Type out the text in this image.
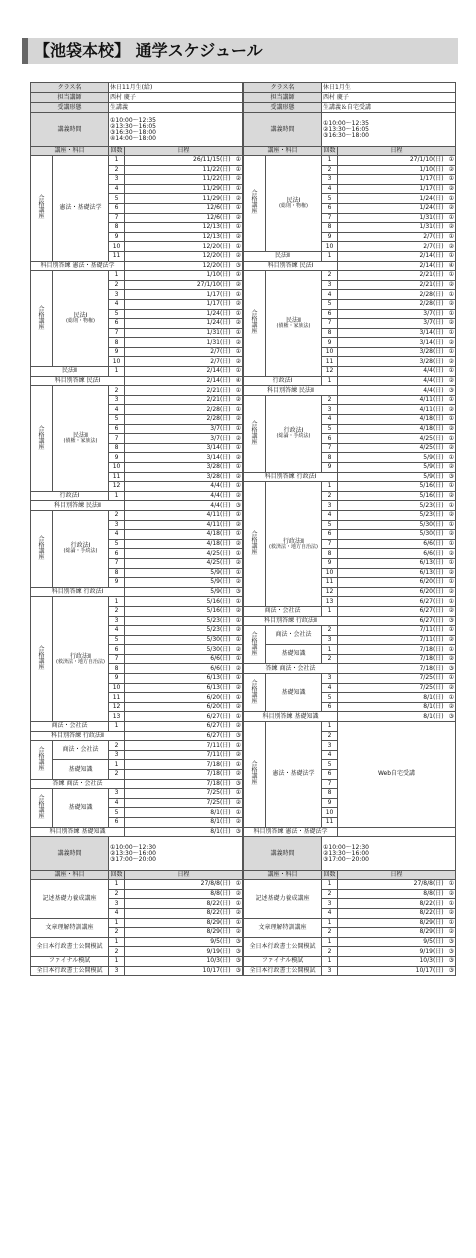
【池袋本校】 通学スケジュール
クラス名		休日11月生(給)	
担当講師		西村 慶子	
受講形態		生講義	
講義時間		①10:00～12:35
②13:30～16:05
③16:30～18:00
④14:00～18:00	

講座・科目		回数	日程
合格講座	憲法・基礎法学	1	26/11/15(日) ①
		2	11/22(日) ①
		3	11/22(日) ②
		4	11/29(日) ①
		5	11/29(日) ②
		6	12/6(日) ①
		7	12/6(日) ②
		8	12/13(日) ①
		9	12/13(日) ②
		10	12/20(日) ①
		11	12/20(日) ②
科目別答練 憲法・基礎法学			12/20(日) ③
合格講座	民法Ⅰ
(総則・物権)	1	1/10(日) ①
		2	27/1/10(日) ②
		3	1/17(日) ①
		4	1/17(日) ②
		5	1/24(日) ①
		6	1/24(日) ②
		7	1/31(日) ①
		8	1/31(日) ②
		9	2/7(日) ①
		10	2/7(日) ②
民法Ⅱ		1	2/14(日) ①
科目別答練 民法Ⅰ			2/14(日) ④
合格講座	民法Ⅱ
(債権・家族法)	2	2/21(日) ①
		3	2/21(日) ②
		4	2/28(日) ①
		5	2/28(日) ②
		6	3/7(日) ①
		7	3/7(日) ②
		8	3/14(日) ①
		9	3/14(日) ②
		10	3/28(日) ①
		11	3/28(日) ②
		12	4/4(日) ①
行政法Ⅰ		1	4/4(日) ②
科目別答練 民法Ⅱ			4/4(日) ③
合格講座	行政法Ⅰ
(総論・手続法)	2	4/11(日) ①
		3	4/11(日) ②
		4	4/18(日) ①
		5	4/18(日) ②
		6	4/25(日) ①
		7	4/25(日) ②
		8	5/9(日) ①
		9	5/9(日) ②
科目別答練 行政法Ⅰ			5/9(日) ③
合格講座	行政法Ⅱ
(救済法・地方自治法)	1	5/16(日) ①
		2	5/16(日) ②
		3	5/23(日) ①
		4	5/23(日) ②
		5	5/30(日) ①
		6	5/30(日) ②
		7	6/6(日) ①
		8	6/6(日) ②
		9	6/13(日) ①
		10	6/13(日) ②
		11	6/20(日) ①
		12	6/20(日) ②
		13	6/27(日) ①
商法・会社法		1	6/27(日) ②
科目別答練 行政法Ⅱ			6/27(日) ③
合格講座	商法・会社法	2	7/11(日) ①
		3	7/11(日) ②
	基礎知識	1	7/18(日) ①
		2	7/18(日) ②
答練 商法・会社法			7/18(日) ③
合格講座	基礎知識	3	7/25(日) ①
		4	7/25(日) ②
		5	8/1(日) ①
		6	8/1(日) ②
科目別答練 基礎知識			8/1(日) ③
講義時間		①10:00～12:30
②13:30～16:00
③17:00～20:00	

講座・科目		回数	日程
記述基礎力養成講座		1	27/8/8(日) ①
		2	8/8(日) ②
		3	8/22(日) ①
		4	8/22(日) ②
文章理解特訓講座		1	8/29(日) ①
		2	8/29(日) ②
全日本行政書士公開模試		1	9/5(日) ③
		2	9/19(日) ③
ファイナル模試		1	10/3(日) ③
全日本行政書士公開模試		3	10/17(日) ③
クラス名		休日1月生	
担当講師		西村 慶子	
受講形態		生講義＆自宅受講	
講義時間		①10:00～12:35
②13:30～16:05
③16:30～18:00	

講座・科目		回数	日程
合格講座	民法Ⅰ
(総則・物権)	1	27/1/10(日) ①
		2	1/10(日) ②
		3	1/17(日) ①
		4	1/17(日) ②
		5	1/24(日) ①
		6	1/24(日) ②
		7	1/31(日) ①
		8	1/31(日) ②
		9	2/7(日) ①
		10	2/7(日) ②
民法Ⅱ		1	2/14(日) ①
科目別答練 民法Ⅰ			2/14(日) ④
合格講座	民法Ⅱ
(債権・家族法)	2	2/21(日) ①
		3	2/21(日) ②
		4	2/28(日) ①
		5	2/28(日) ②
		6	3/7(日) ①
		7	3/7(日) ②
		8	3/14(日) ①
		9	3/14(日) ②
		10	3/28(日) ①
		11	3/28(日) ②
		12	4/4(日) ①
行政法Ⅰ		1	4/4(日) ②
科目別答練 民法Ⅱ			4/4(日) ③
合格講座	行政法Ⅰ
(総論・手続法)	2	4/11(日) ①
		3	4/11(日) ②
		4	4/18(日) ①
		5	4/18(日) ②
		6	4/25(日) ①
		7	4/25(日) ②
		8	5/9(日) ①
		9	5/9(日) ②
科目別答練 行政法Ⅰ			5/9(日) ③
合格講座	行政法Ⅱ
(救済法・地方自治法)	1	5/16(日) ①
		2	5/16(日) ②
		3	5/23(日) ①
		4	5/23(日) ②
		5	5/30(日) ①
		6	5/30(日) ②
		7	6/6(日) ①
		8	6/6(日) ②
		9	6/13(日) ①
		10	6/13(日) ②
		11	6/20(日) ①
		12	6/20(日) ②
		13	6/27(日) ①
商法・会社法		1	6/27(日) ②
科目別答練 行政法Ⅱ			6/27(日) ③
合格講座	商法・会社法	2	7/11(日) ①
		3	7/11(日) ②
	基礎知識	1	7/18(日) ①
		2	7/18(日) ②
答練 商法・会社法			7/18(日) ③
合格講座	基礎知識	3	7/25(日) ①
		4	7/25(日) ②
		5	8/1(日) ①
		6	8/1(日) ②
科目別答練 基礎知識			8/1(日) ③
合格講座	憲法・基礎法学	1	Web自宅受講
		2	
		3	
		4	
		5	
		6	
		7	
		8	
		9	
		10	
		11	
科目別答練 憲法・基礎法学			
講義時間		①10:00～12:30
②13:30～16:00
③17:00～20:00	

講座・科目		回数	日程
記述基礎力養成講座		1	27/8/8(日) ①
		2	8/8(日) ②
		3	8/22(日) ①
		4	8/22(日) ②
文章理解特訓講座		1	8/29(日) ①
		2	8/29(日) ②
全日本行政書士公開模試		1	9/5(日) ③
		2	9/19(日) ③
ファイナル模試		1	10/3(日) ③
全日本行政書士公開模試		3	10/17(日) ③
